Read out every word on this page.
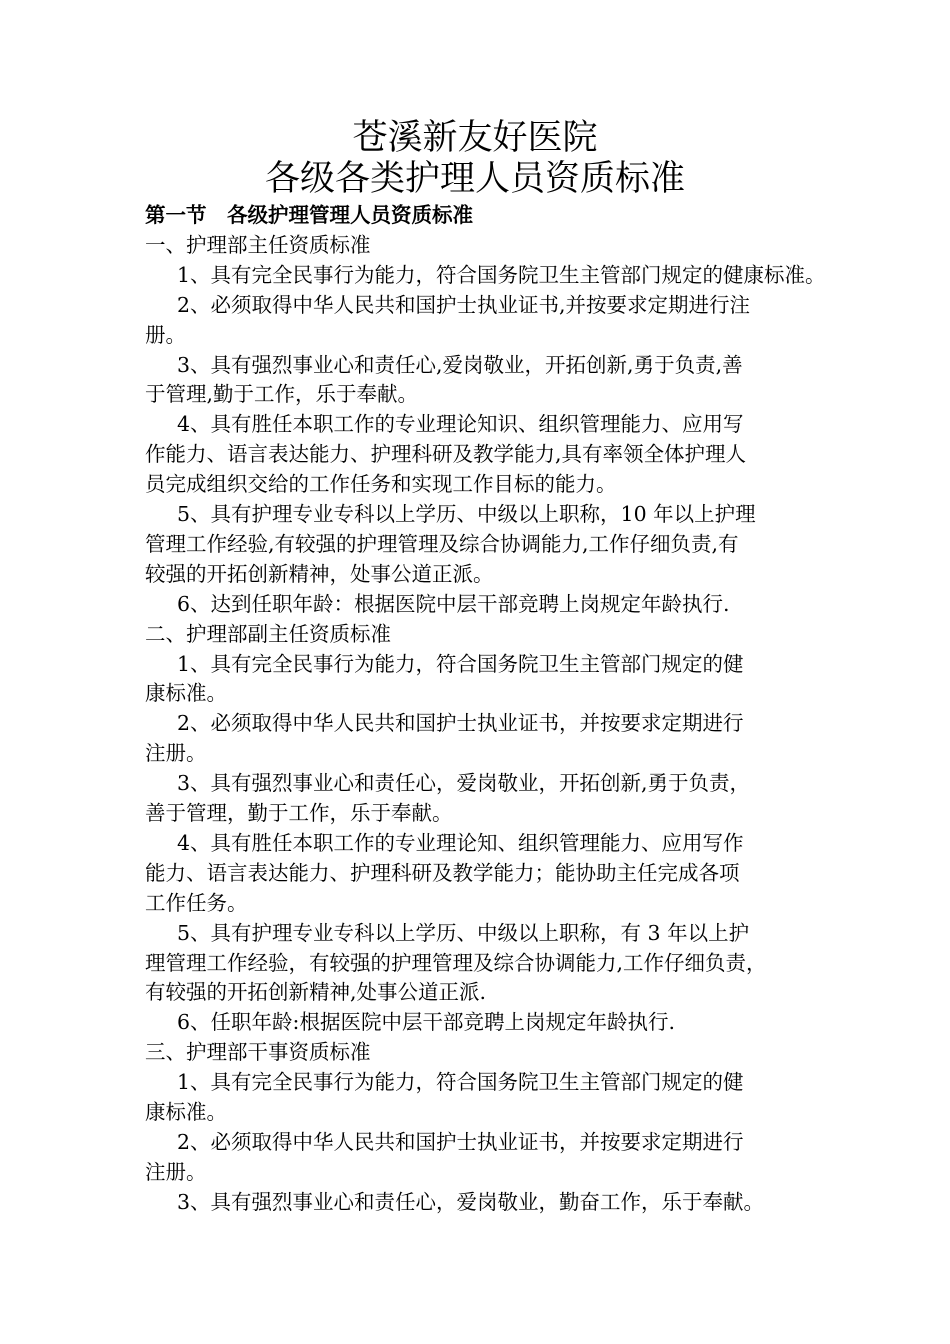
苍溪新友好医院
各级各类护理人员资质标准
第一节　各级护理管理人员资质标准
一、护理部主任资质标准
1、具有完全民事行为能力，符合国务院卫生主管部门规定的健康标准。
2、必须取得中华人民共和国护士执业证书,并按要求定期进行注
册。
3、具有强烈事业心和责任心,爱岗敬业，开拓创新,勇于负责,善
于管理,勤于工作，乐于奉献。
4、具有胜任本职工作的专业理论知识、组织管理能力、应用写
作能力、语言表达能力、护理科研及教学能力,具有率领全体护理人
员完成组织交给的工作任务和实现工作目标的能力。
5、具有护理专业专科以上学历、中级以上职称，10 年以上护理
管理工作经验,有较强的护理管理及综合协调能力,工作仔细负责,有
较强的开拓创新精神，处事公道正派。
6、达到任职年龄：根据医院中层干部竞聘上岗规定年龄执行.
二、护理部副主任资质标准
1、具有完全民事行为能力，符合国务院卫生主管部门规定的健
康标准。
2、必须取得中华人民共和国护士执业证书，并按要求定期进行
注册。
3、具有强烈事业心和责任心，爱岗敬业，开拓创新,勇于负责，
善于管理，勤于工作，乐于奉献。
4、具有胜任本职工作的专业理论知、组织管理能力、应用写作
能力、语言表达能力、护理科研及教学能力；能协助主任完成各项
工作任务。
5、具有护理专业专科以上学历、中级以上职称，有 3 年以上护
理管理工作经验，有较强的护理管理及综合协调能力,工作仔细负责，
有较强的开拓创新精神,处事公道正派.
6、任职年龄:根据医院中层干部竞聘上岗规定年龄执行.
三、护理部干事资质标准
1、具有完全民事行为能力，符合国务院卫生主管部门规定的健
康标准。
2、必须取得中华人民共和国护士执业证书，并按要求定期进行
注册。
3、具有强烈事业心和责任心，爱岗敬业，勤奋工作，乐于奉献。
